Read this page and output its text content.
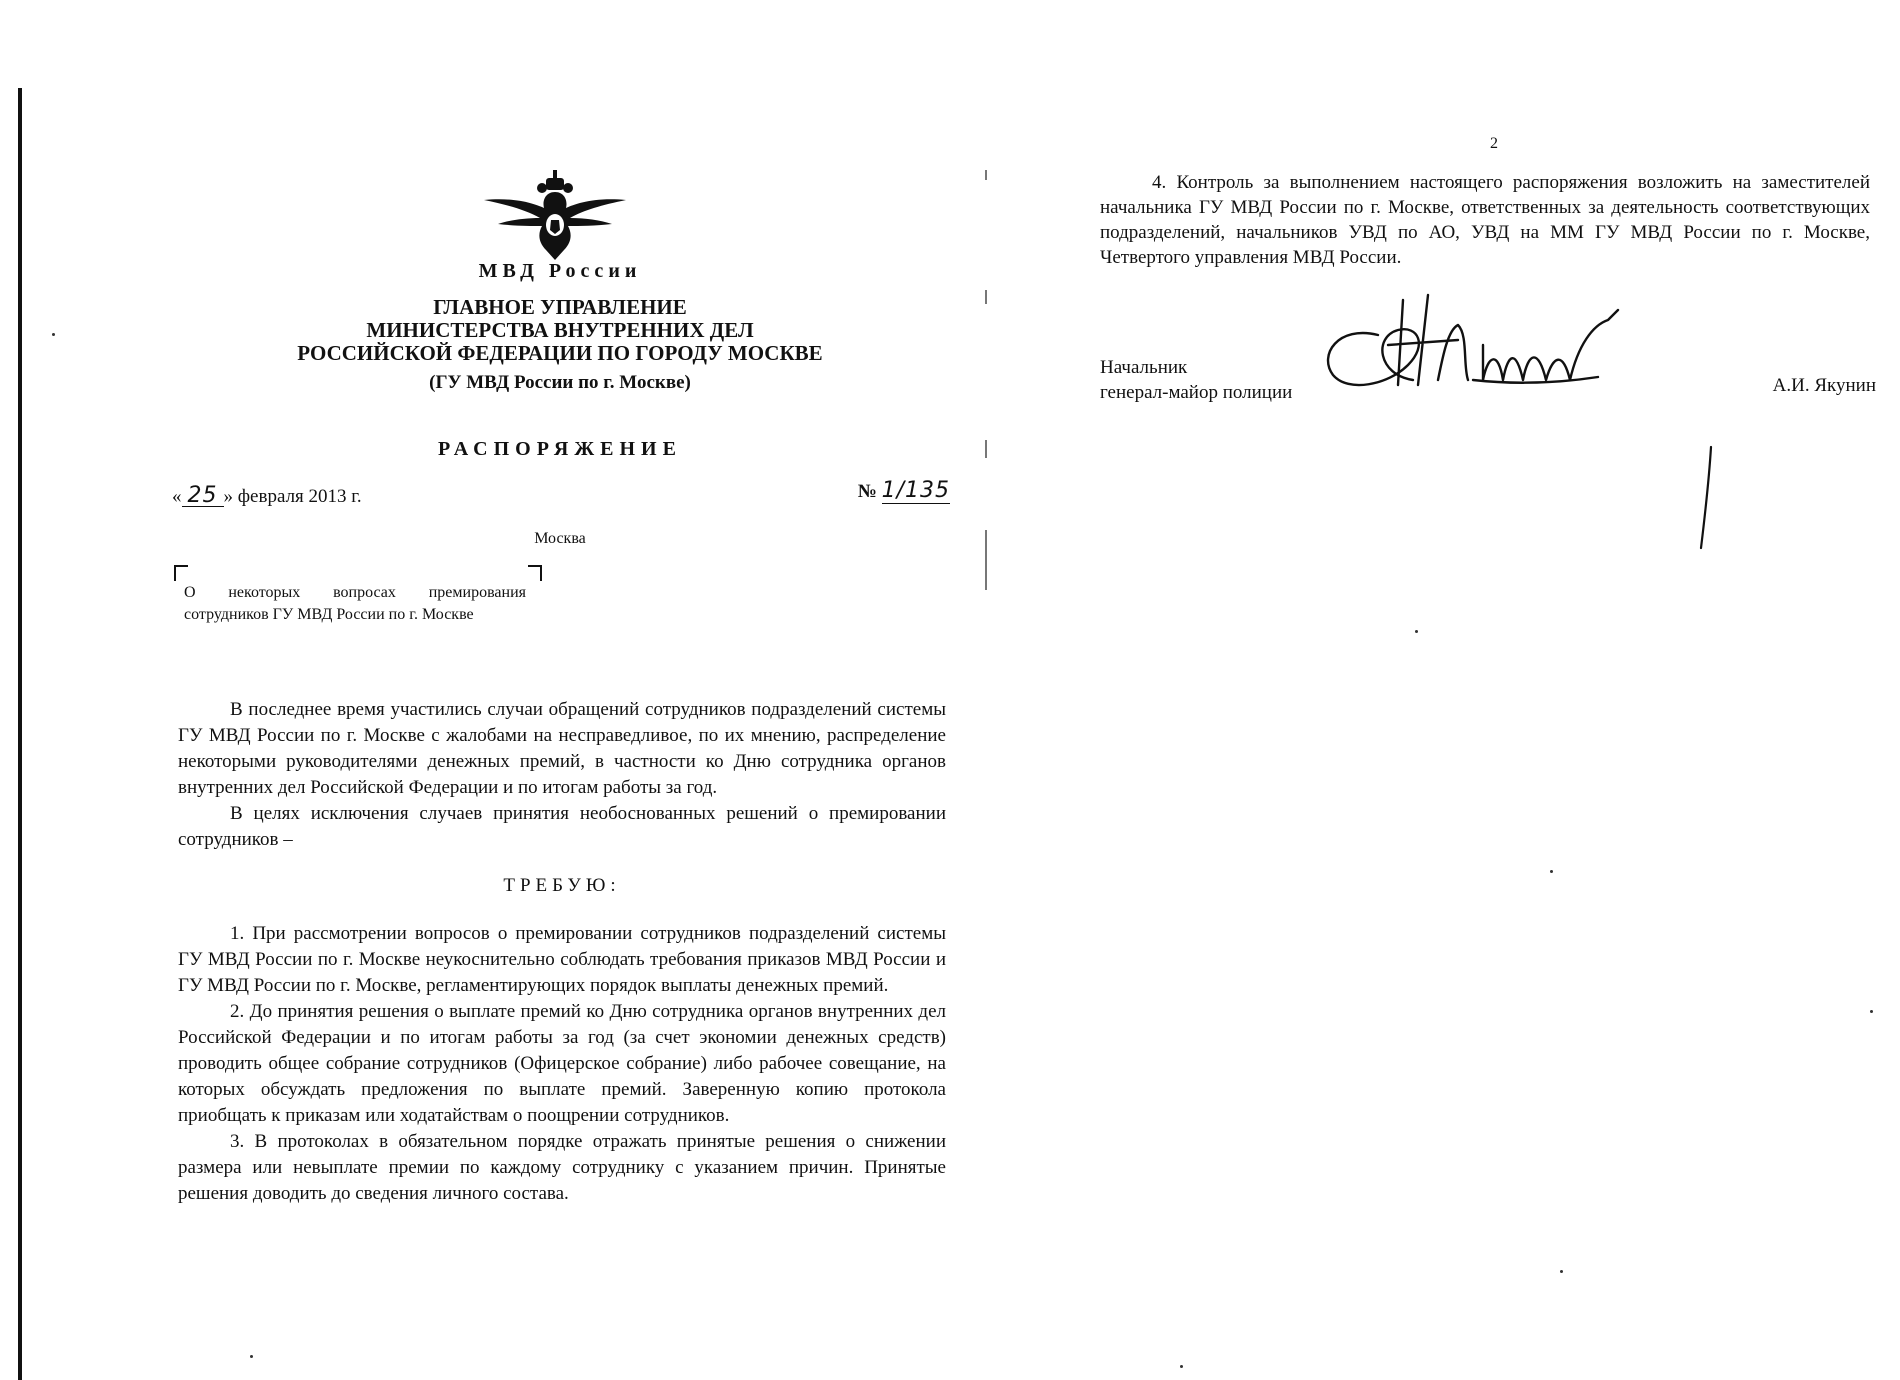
МВД России
ГЛАВНОЕ УПРАВЛЕНИЕ
МИНИСТЕРСТВА ВНУТРЕННИХ ДЕЛ
РОССИЙСКОЙ ФЕДЕРАЦИИ ПО ГОРОДУ МОСКВЕ
(ГУ МВД России по г. Москве)
РАСПОРЯЖЕНИЕ
« 25 » февраля 2013 г.	№ 1/135
Москва
О некоторых вопросах премирования сотрудников ГУ МВД России по г. Москве

В последнее время участились случаи обращений сотрудников подразделений системы ГУ МВД России по г. Москве с жалобами на несправедливое, по их мнению, распределение некоторыми руководителями денежных премий, в частности ко Дню сотрудника органов внутренних дел Российской Федерации и по итогам работы за год.

В целях исключения случаев принятия необоснованных решений о премировании сотрудников –

ТРЕБУЮ:

1. При рассмотрении вопросов о премировании сотрудников подразделений системы ГУ МВД России по г. Москве неукоснительно соблюдать требования приказов МВД России и ГУ МВД России по г. Москве, регламентирующих порядок выплаты денежных премий.

2. До принятия решения о выплате премий ко Дню сотрудника органов внутренних дел Российской Федерации и по итогам работы за год (за счет экономии денежных средств) проводить общее собрание сотрудников (Офицерское собрание) либо рабочее совещание, на которых обсуждать предложения по выплате премий. Заверенную копию протокола приобщать к приказам или ходатайствам о поощрении сотрудников.

3. В протоколах в обязательном порядке отражать принятые решения о снижении размера или невыплате премии по каждому сотруднику с указанием причин. Принятые решения доводить до сведения личного состава.

2

4. Контроль за выполнением настоящего распоряжения возложить на заместителей начальника ГУ МВД России по г. Москве, ответственных за деятельность соответствующих подразделений, начальников УВД по АО, УВД на ММ ГУ МВД России по г. Москве, Четвертого управления МВД России.

Начальник
генерал-майор полиции	А.И. Якунин
